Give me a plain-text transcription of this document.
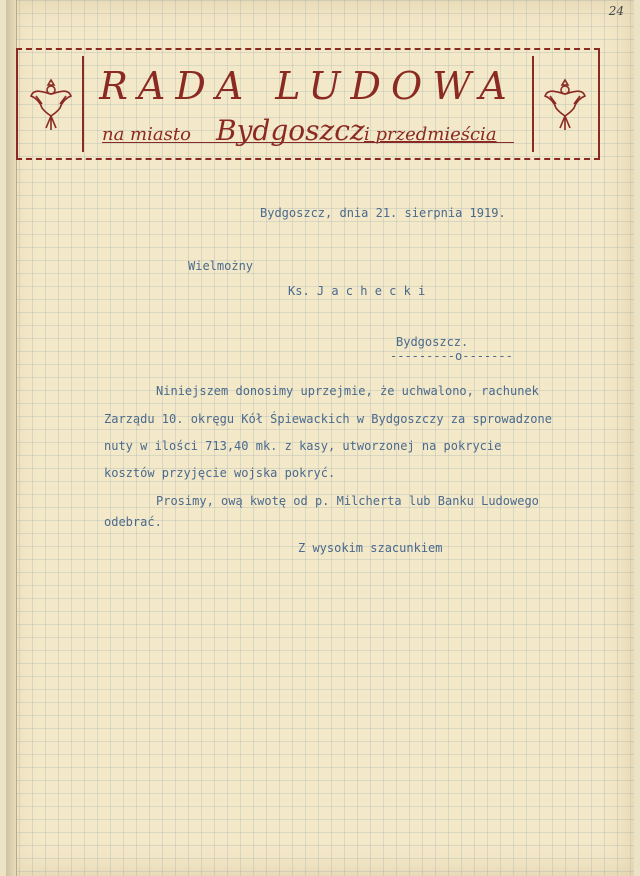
24
RADA LUDOWA
na miasto Bydgoszcz i przedmieścia
Bydgoszcz, dnia 21. sierpnia 1919.
Wielmożny
Ks. J a c h e c k i
Bydgoszcz.
---------o-------
Niniejszem donosimy uprzejmie, że uchwalono, rachunek
Zarządu 10. okręgu Kół Śpiewackich w Bydgoszczy za sprowadzone
nuty w ilości 713,40 mk. z kasy, utworzonej na pokrycie
kosztów przyjęcie wojska pokryć.
Prosimy, ową kwotę od p. Milcherta lub Banku Ludowego
odebrać.
Z wysokim szacunkiem
